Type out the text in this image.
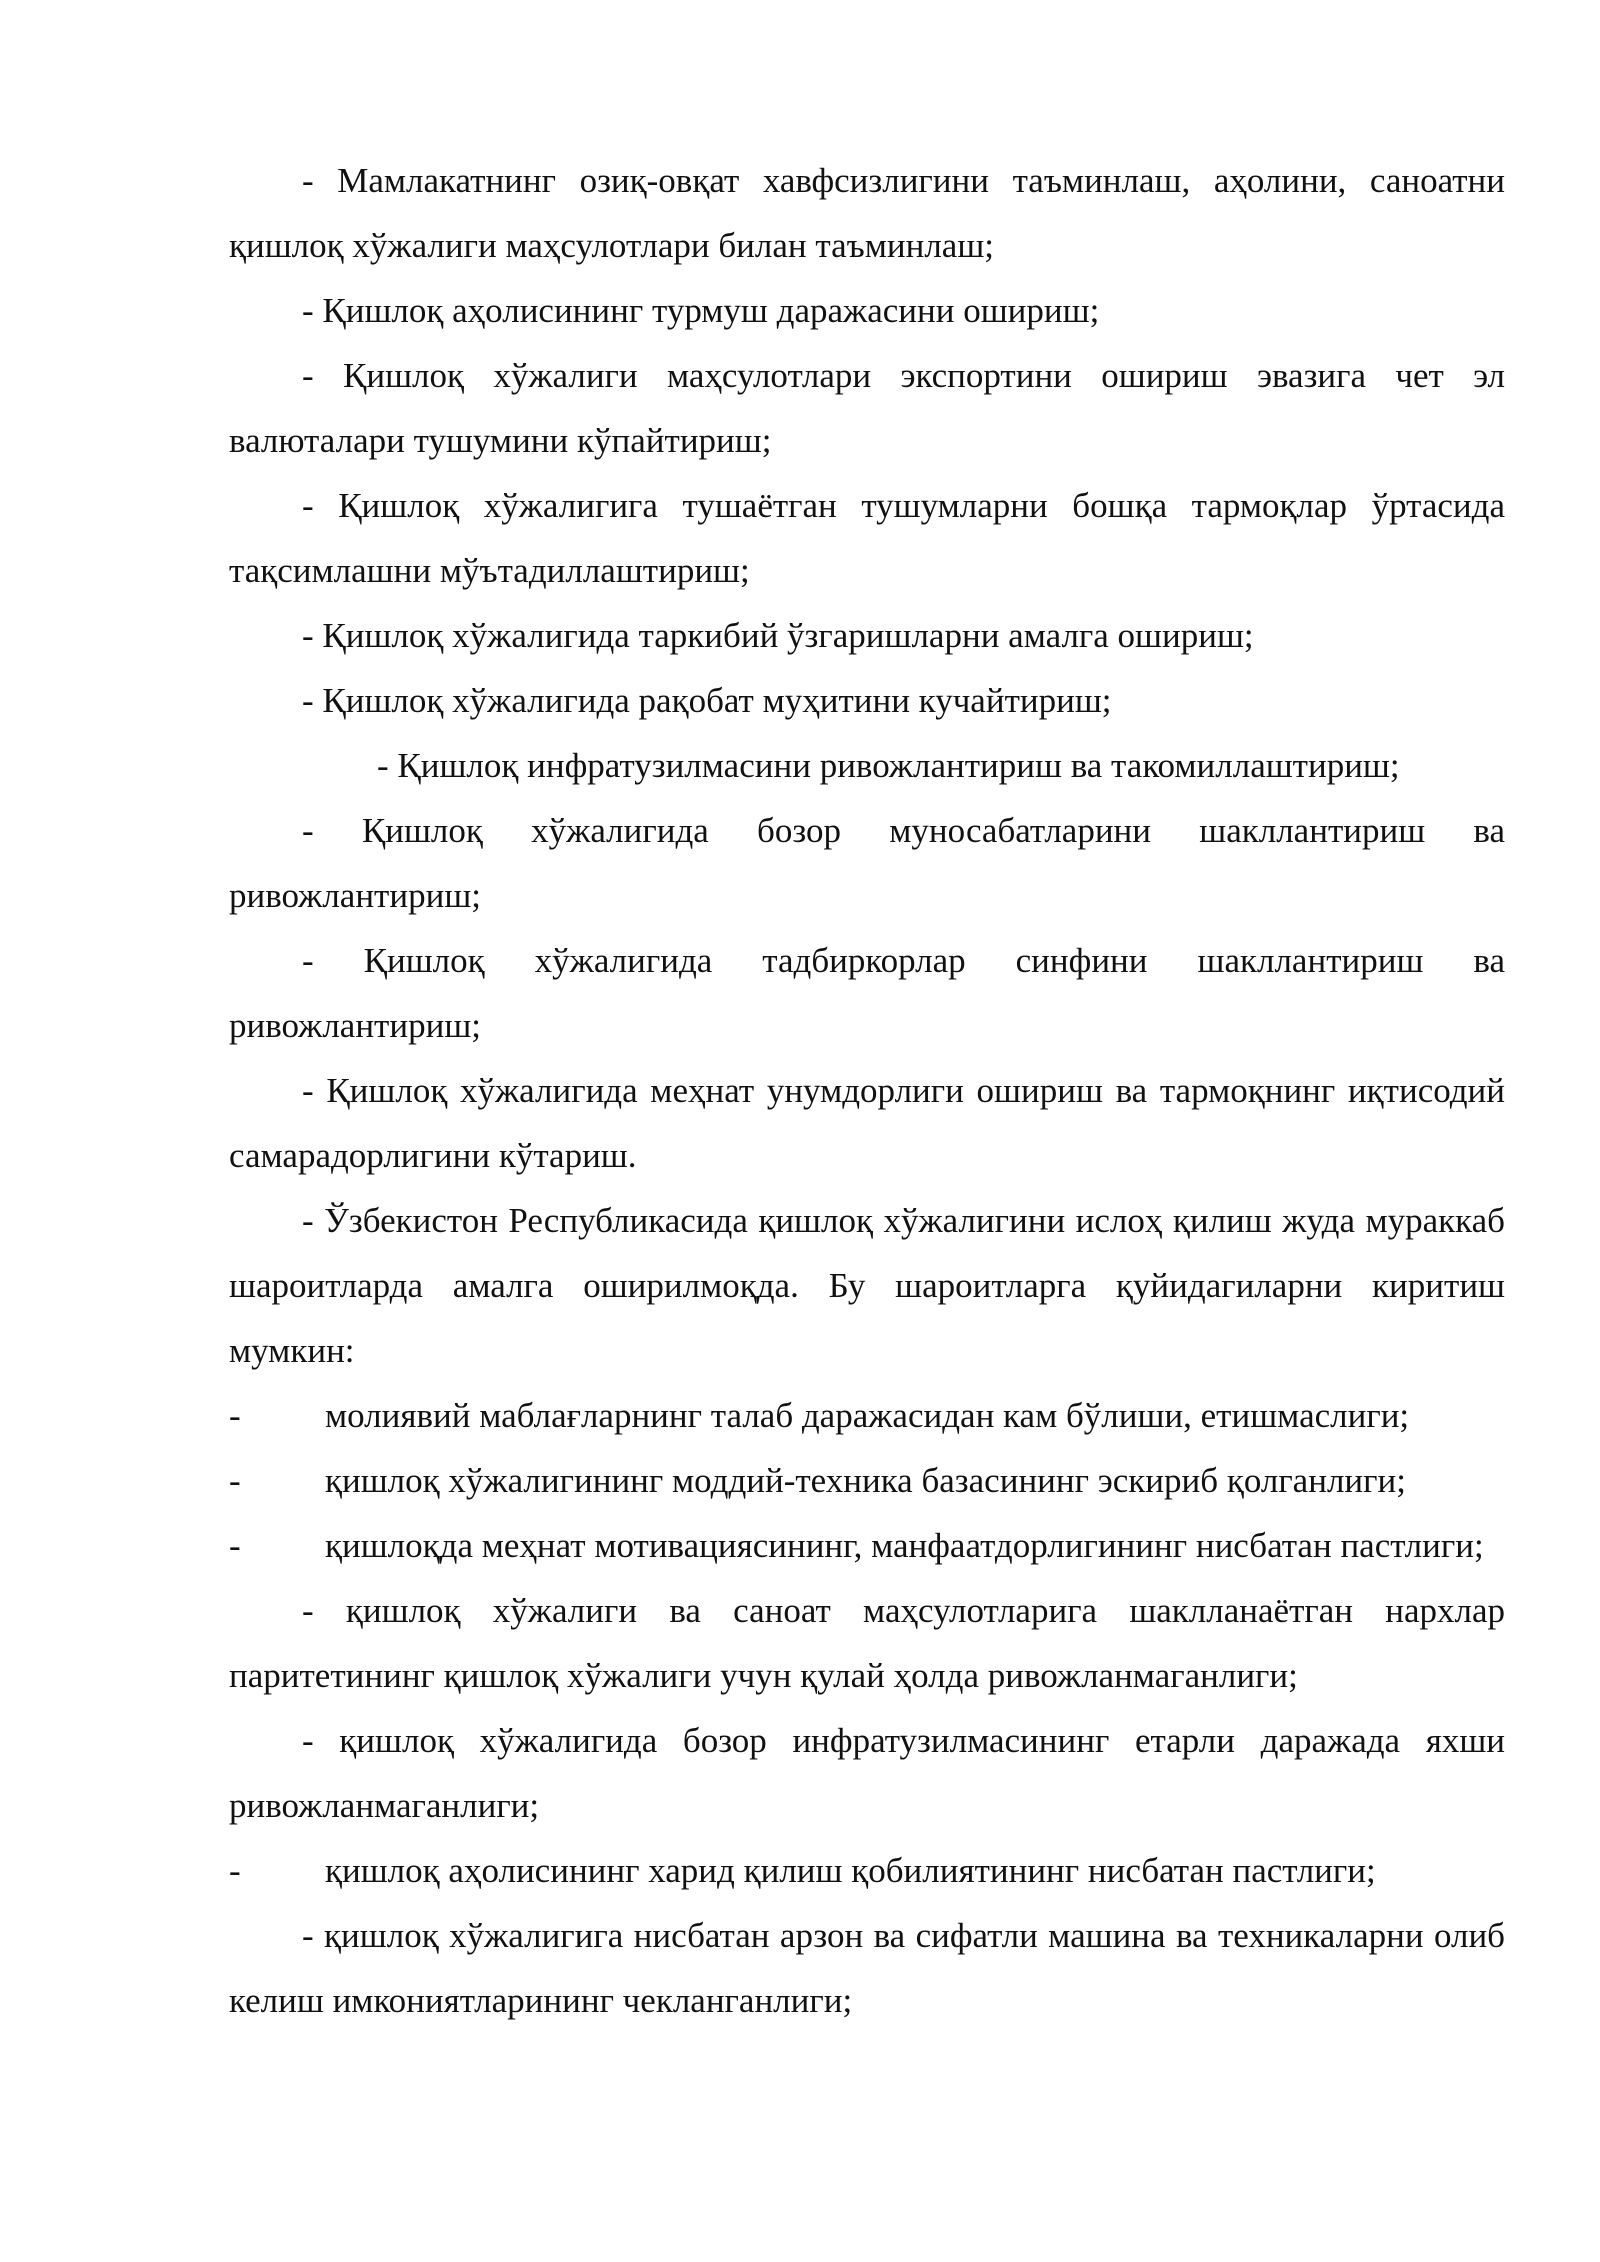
- Мамлакатнинг озиқ-овқат хавфсизлигини таъминлаш, аҳолини, саноатни қишлоқ хўжалиги маҳсулотлари билан таъминлаш;

- Қишлоқ аҳолисининг турмуш даражасини ошириш;

- Қишлоқ хўжалиги маҳсулотлари экспортини ошириш эвазига чет эл валюталари тушумини кўпайтириш;

- Қишлоқ хўжалигига тушаётган тушумларни бошқа тармоқлар ўртасида тақсимлашни мўътадиллаштириш;

- Қишлоқ хўжалигида таркибий ўзгаришларни амалга ошириш;

- Қишлоқ хўжалигида рақобат муҳитини кучайтириш;

- Қишлоқ инфратузилмасини ривожлантириш ва такомиллаштириш;

- Қишлоқ хўжалигида бозор муносабатларини шакллантириш ва ривожлантириш;

- Қишлоқ хўжалигида тадбиркорлар синфини шакллантириш ва ривожлантириш;

- Қишлоқ хўжалигида меҳнат унумдорлиги ошириш ва тармоқнинг иқтисодий самарадорлигини кўтариш.

- Ўзбекистон Республикасида қишлоқ хўжалигини ислоҳ қилиш жуда мураккаб шароитларда амалга оширилмоқда. Бу шароитларга қуйидагиларни киритиш мумкин:

- молиявий маблағларнинг талаб даражасидан кам бўлиши, етишмаслиги;

- қишлоқ хўжалигининг моддий-техника базасининг эскириб қолганлиги;

- қишлоқда меҳнат мотивациясининг, манфаатдорлигининг нисбатан пастлиги;

- қишлоқ хўжалиги ва саноат маҳсулотларига шаклланаётган нархлар паритетининг қишлоқ хўжалиги учун қулай ҳолда ривожланмаганлиги;

- қишлоқ хўжалигида бозор инфратузилмасининг етарли даражада яхши ривожланмаганлиги;

- қишлоқ аҳолисининг харид қилиш қобилиятининг нисбатан пастлиги;

- қишлоқ хўжалигига нисбатан арзон ва сифатли машина ва техникаларни олиб келиш имкониятларининг чекланганлиги;
